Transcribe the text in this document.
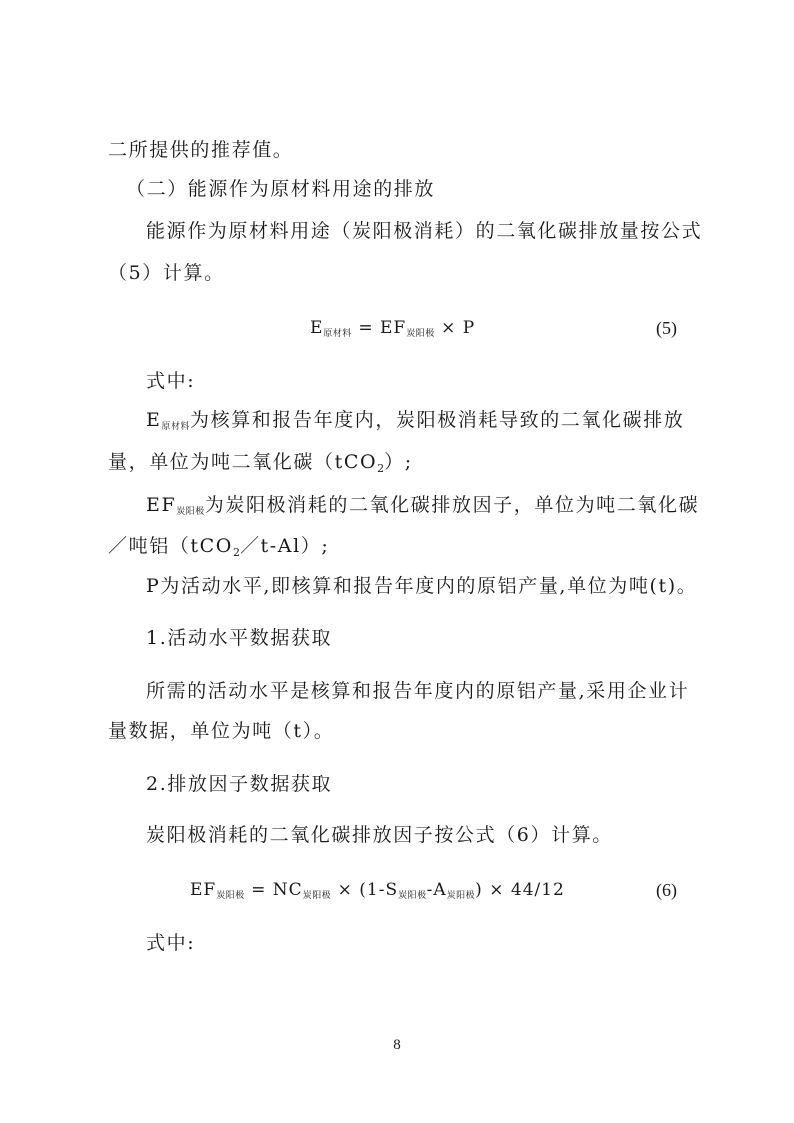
二所提供的推荐值。
（二）能源作为原材料用途的排放
能源作为原材料用途（炭阳极消耗）的二氧化碳排放量按公式
（5）计算。
E原材料 = EF炭阳极 × P	(5)
式中:
E原材料为核算和报告年度内，炭阳极消耗导致的二氧化碳排放
量，单位为吨二氧化碳（tCO$_2$）;
EF炭阳极为炭阳极消耗的二氧化碳排放因子，单位为吨二氧化碳
／吨铝（tCO$_2$／t-Al）;
P为活动水平,即核算和报告年度内的原铝产量,单位为吨(t)。
1.活动水平数据获取
所需的活动水平是核算和报告年度内的原铝产量,采用企业计
量数据，单位为吨（t）。
2.排放因子数据获取
炭阳极消耗的二氧化碳排放因子按公式（6）计算。
EF炭阳极 = NC炭阳极 × (1-S炭阳极-A炭阳极) × 44/12	(6)
式中:
8
